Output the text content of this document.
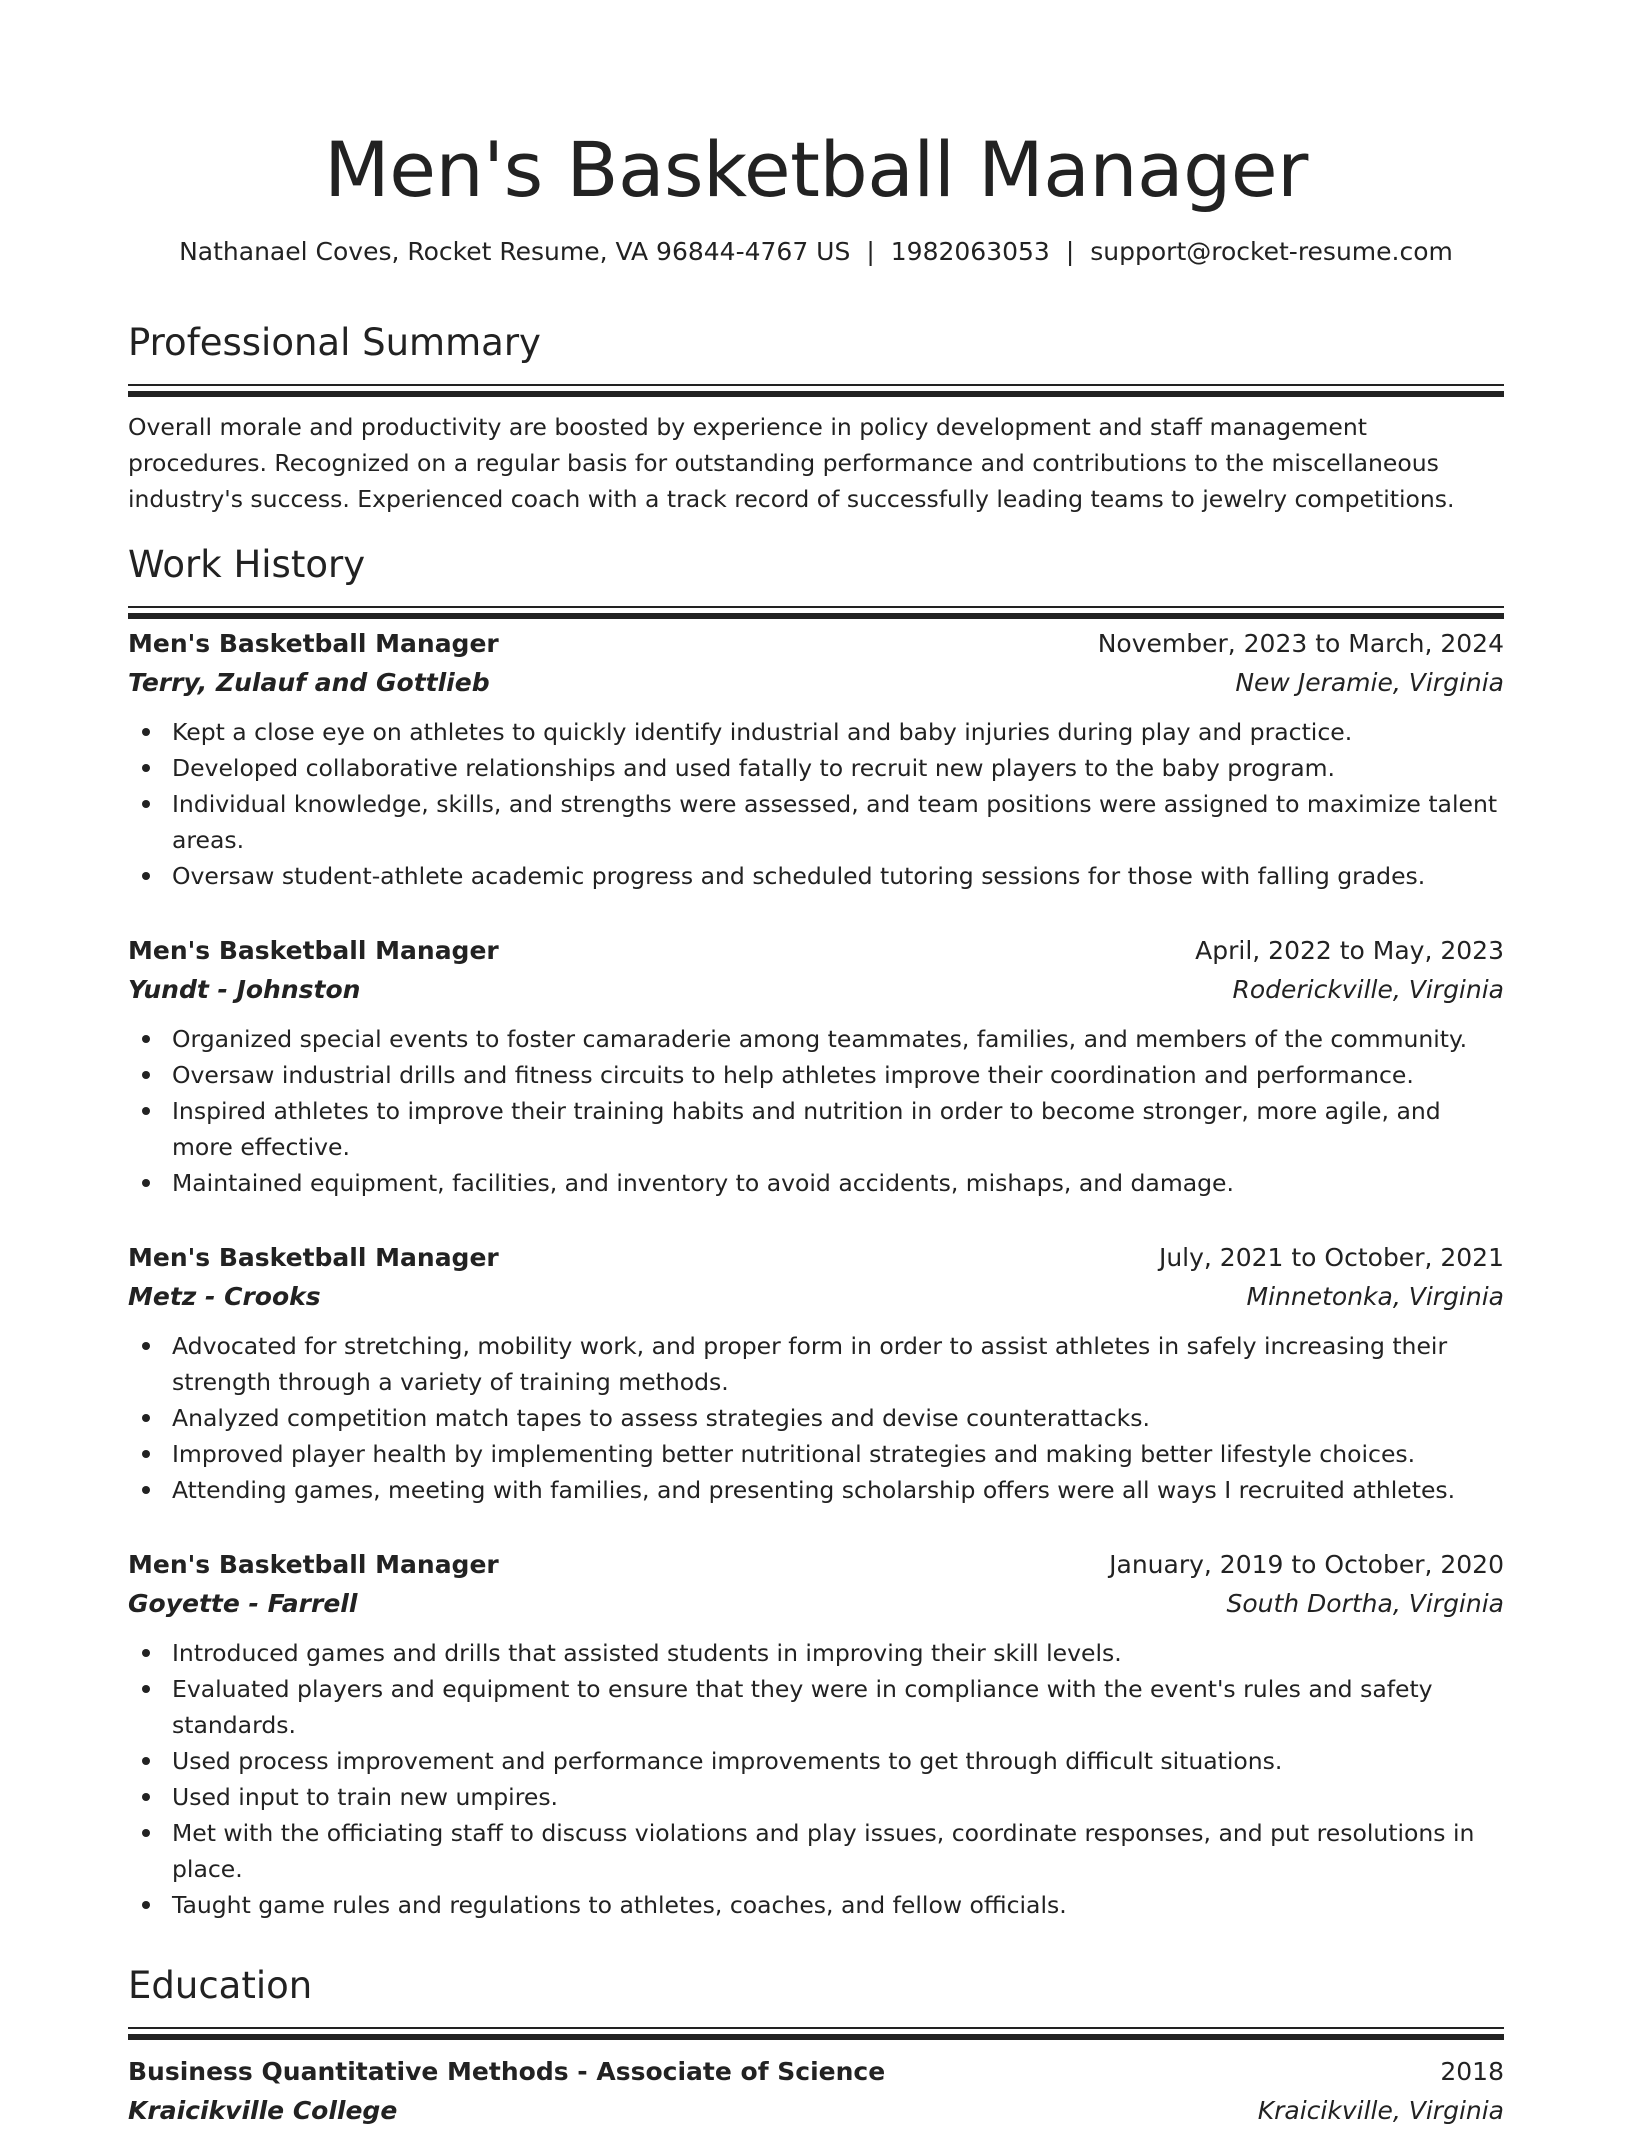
Men's Basketball Manager
Nathanael Coves, Rocket Resume, VA 96844-4767 US | 1982063053 | support@rocket-resume.com
Professional Summary
Overall morale and productivity are boosted by experience in policy development and staff management procedures. Recognized on a regular basis for outstanding performance and contributions to the miscellaneous industry's success. Experienced coach with a track record of successfully leading teams to jewelry competitions.
Work History
Men's Basketball Manager	November, 2023 to March, 2024
Terry, Zulauf and Gottlieb	New Jeramie, Virginia
Kept a close eye on athletes to quickly identify industrial and baby injuries during play and practice.
Developed collaborative relationships and used fatally to recruit new players to the baby program.
Individual knowledge, skills, and strengths were assessed, and team positions were assigned to maximize talent areas.
Oversaw student-athlete academic progress and scheduled tutoring sessions for those with falling grades.
Men's Basketball Manager	April, 2022 to May, 2023
Yundt - Johnston	Roderickville, Virginia
Organized special events to foster camaraderie among teammates, families, and members of the community.
Oversaw industrial drills and fitness circuits to help athletes improve their coordination and performance.
Inspired athletes to improve their training habits and nutrition in order to become stronger, more agile, and more effective.
Maintained equipment, facilities, and inventory to avoid accidents, mishaps, and damage.
Men's Basketball Manager	July, 2021 to October, 2021
Metz - Crooks	Minnetonka, Virginia
Advocated for stretching, mobility work, and proper form in order to assist athletes in safely increasing their strength through a variety of training methods.
Analyzed competition match tapes to assess strategies and devise counterattacks.
Improved player health by implementing better nutritional strategies and making better lifestyle choices.
Attending games, meeting with families, and presenting scholarship offers were all ways I recruited athletes.
Men's Basketball Manager	January, 2019 to October, 2020
Goyette - Farrell	South Dortha, Virginia
Introduced games and drills that assisted students in improving their skill levels.
Evaluated players and equipment to ensure that they were in compliance with the event's rules and safety standards.
Used process improvement and performance improvements to get through difficult situations.
Used input to train new umpires.
Met with the officiating staff to discuss violations and play issues, coordinate responses, and put resolutions in place.
Taught game rules and regulations to athletes, coaches, and fellow officials.
Education
Business Quantitative Methods - Associate of Science	2018
Kraicikville College	Kraicikville, Virginia
